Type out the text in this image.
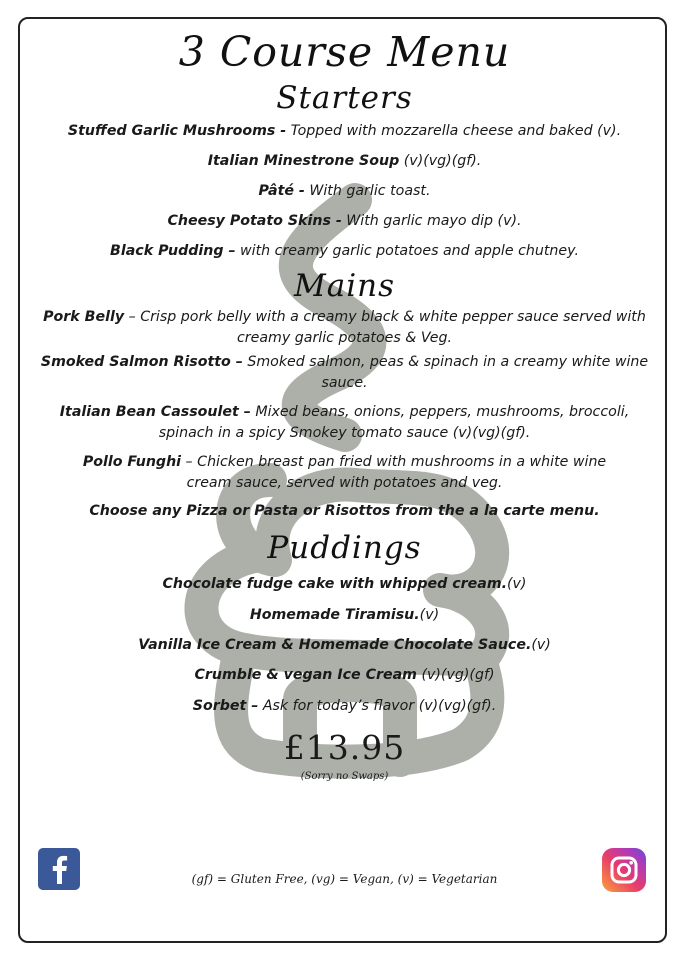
3 Course Menu
Starters
Stuffed Garlic Mushrooms - Topped with mozzarella cheese and baked (v).
Italian Minestrone Soup (v)(vg)(gf).
Pâté - With garlic toast.
Cheesy Potato Skins - With garlic mayo dip (v).
Black Pudding – with creamy garlic potatoes and apple chutney.
Mains
Pork Belly – Crisp pork belly with a creamy black & white pepper sauce served with
creamy garlic potatoes & Veg.
Smoked Salmon Risotto – Smoked salmon, peas & spinach in a creamy white wine
sauce.
Italian Bean Cassoulet – Mixed beans, onions, peppers, mushrooms, broccoli,
spinach in a spicy Smokey tomato sauce (v)(vg)(gf).
Pollo Funghi – Chicken breast pan fried with mushrooms in a white wine
cream sauce, served with potatoes and veg.
Choose any Pizza or Pasta or Risottos from the a la carte menu.
Puddings
Chocolate fudge cake with whipped cream.(v)
Homemade Tiramisu.(v)
Vanilla Ice Cream & Homemade Chocolate Sauce.(v)
Crumble & vegan Ice Cream (v)(vg)(gf)
Sorbet – Ask for today’s flavor (v)(vg)(gf).
£13.95
(Sorry no Swaps)
(gf) = Gluten Free, (vg) = Vegan, (v) = Vegetarian
